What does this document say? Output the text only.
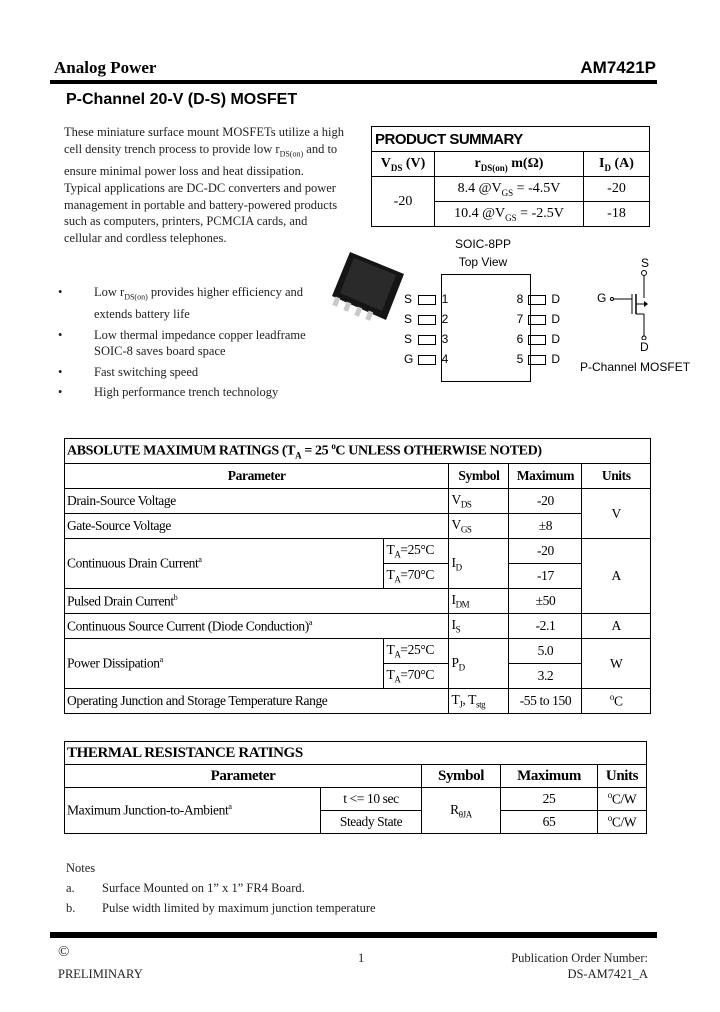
Analog Power	AM7421P
P-Channel 20-V (D-S) MOSFET
These miniature surface mount MOSFETs utilize a high cell density trench process to provide low $r_{DS(on)}$ and to ensure minimal power loss and heat dissipation. Typical applications are DC-DC converters and power management in portable and battery-powered products such as computers, printers, PCMCIA cards, and cellular and cordless telephones.
• Low $r_{DS(on)}$ provides higher efficiency and extends battery life
• Low thermal impedance copper leadframe SOIC-8 saves board space
• Fast switching speed
• High performance trench technology
PRODUCT SUMMARY		
$V_{DS}$ (V)	$r_{DS(on)}$ m(Ω)	$I_D$ (A)
-20	8.4 $@V_{GS} = -4.5V$	-20
	10.4 $@V_{GS} = -2.5V$	-18
SOIC-8PP
Top View
S 1
S 2
S 3
G 4
8 D
7 D
6 D
5 D
S
G
D
P-Channel MOSFET
ABSOLUTE MAXIMUM RATINGS ($T_A = 25$ $^o$C UNLESS OTHERWISE NOTED)				
Parameter		Symbol	Maximum	Units
Drain-Source Voltage		$V_{DS}$	-20	V
Gate-Source Voltage		$V_{GS}$	±8	
Continuous Drain Current$^a$	$T_A=25^\circ C$	$I_D$	-20	A
	$T_A=70^\circ C$		-17	
Pulsed Drain Current$^b$		$I_{DM}$	±50	
Continuous Source Current (Diode Conduction)$^a$		$I_S$	-2.1	A
Power Dissipation$^a$	$T_A=25^\circ C$	$P_D$	5.0	W
	$T_A=70^\circ C$		3.2	
Operating Junction and Storage Temperature Range		$T_J$, $T_{stg}$	-55 to 150	$^o$C
THERMAL RESISTANCE RATINGS				
Parameter		Symbol	Maximum	Units
Maximum Junction-to-Ambient$^a$	t <= 10 sec	$R_{\theta JA}$	25	$^o$C/W
	Steady State		65	$^o$C/W
Notes
a. Surface Mounted on 1” x 1” FR4 Board.
b. Pulse width limited by maximum junction temperature
©
PRELIMINARY
1	Publication Order Number:
DS-AM7421_A
